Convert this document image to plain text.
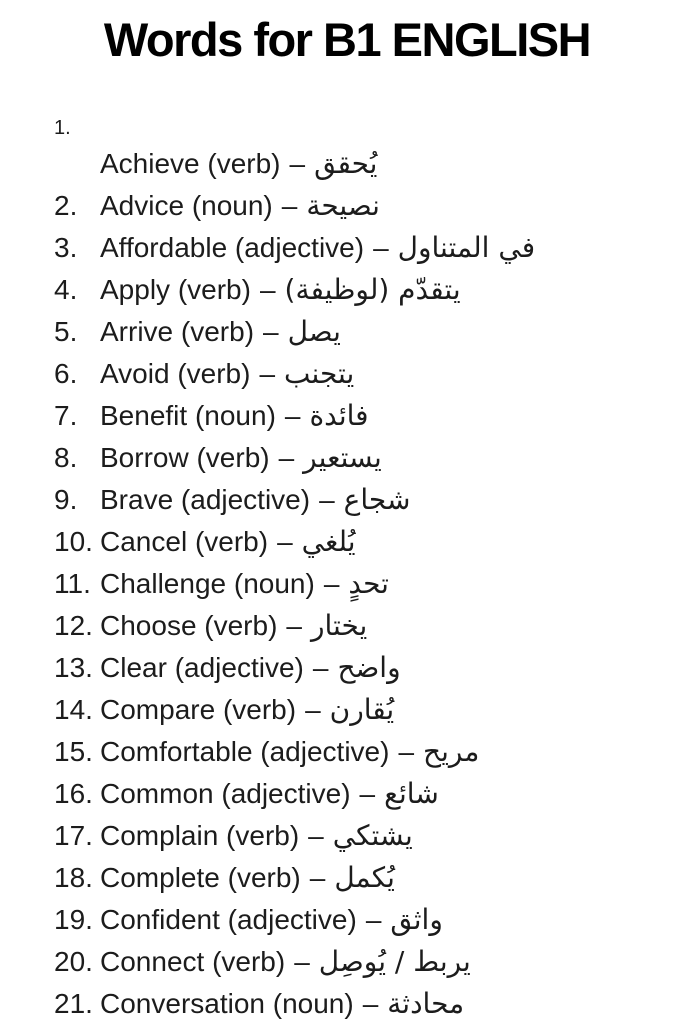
Words for B1 ENGLISH
1.
Achieve (verb) – يُحقق
2. Advice (noun) – نصيحة
3. Affordable (adjective) – في المتناول
4. Apply (verb) – يتقدّم (لوظيفة)
5. Arrive (verb) – يصل
6. Avoid (verb) – يتجنب
7. Benefit (noun) – فائدة
8. Borrow (verb) – يستعير
9. Brave (adjective) – شجاع
10. Cancel (verb) – يُلغي
11. Challenge (noun) – تحدٍ
12. Choose (verb) – يختار
13. Clear (adjective) – واضح
14. Compare (verb) – يُقارن
15. Comfortable (adjective) – مريح
16. Common (adjective) – شائع
17. Complain (verb) – يشتكي
18. Complete (verb) – يُكمل
19. Confident (adjective) – واثق
20. Connect (verb) – يربط / يُوصِل
21. Conversation (noun) – محادثة
